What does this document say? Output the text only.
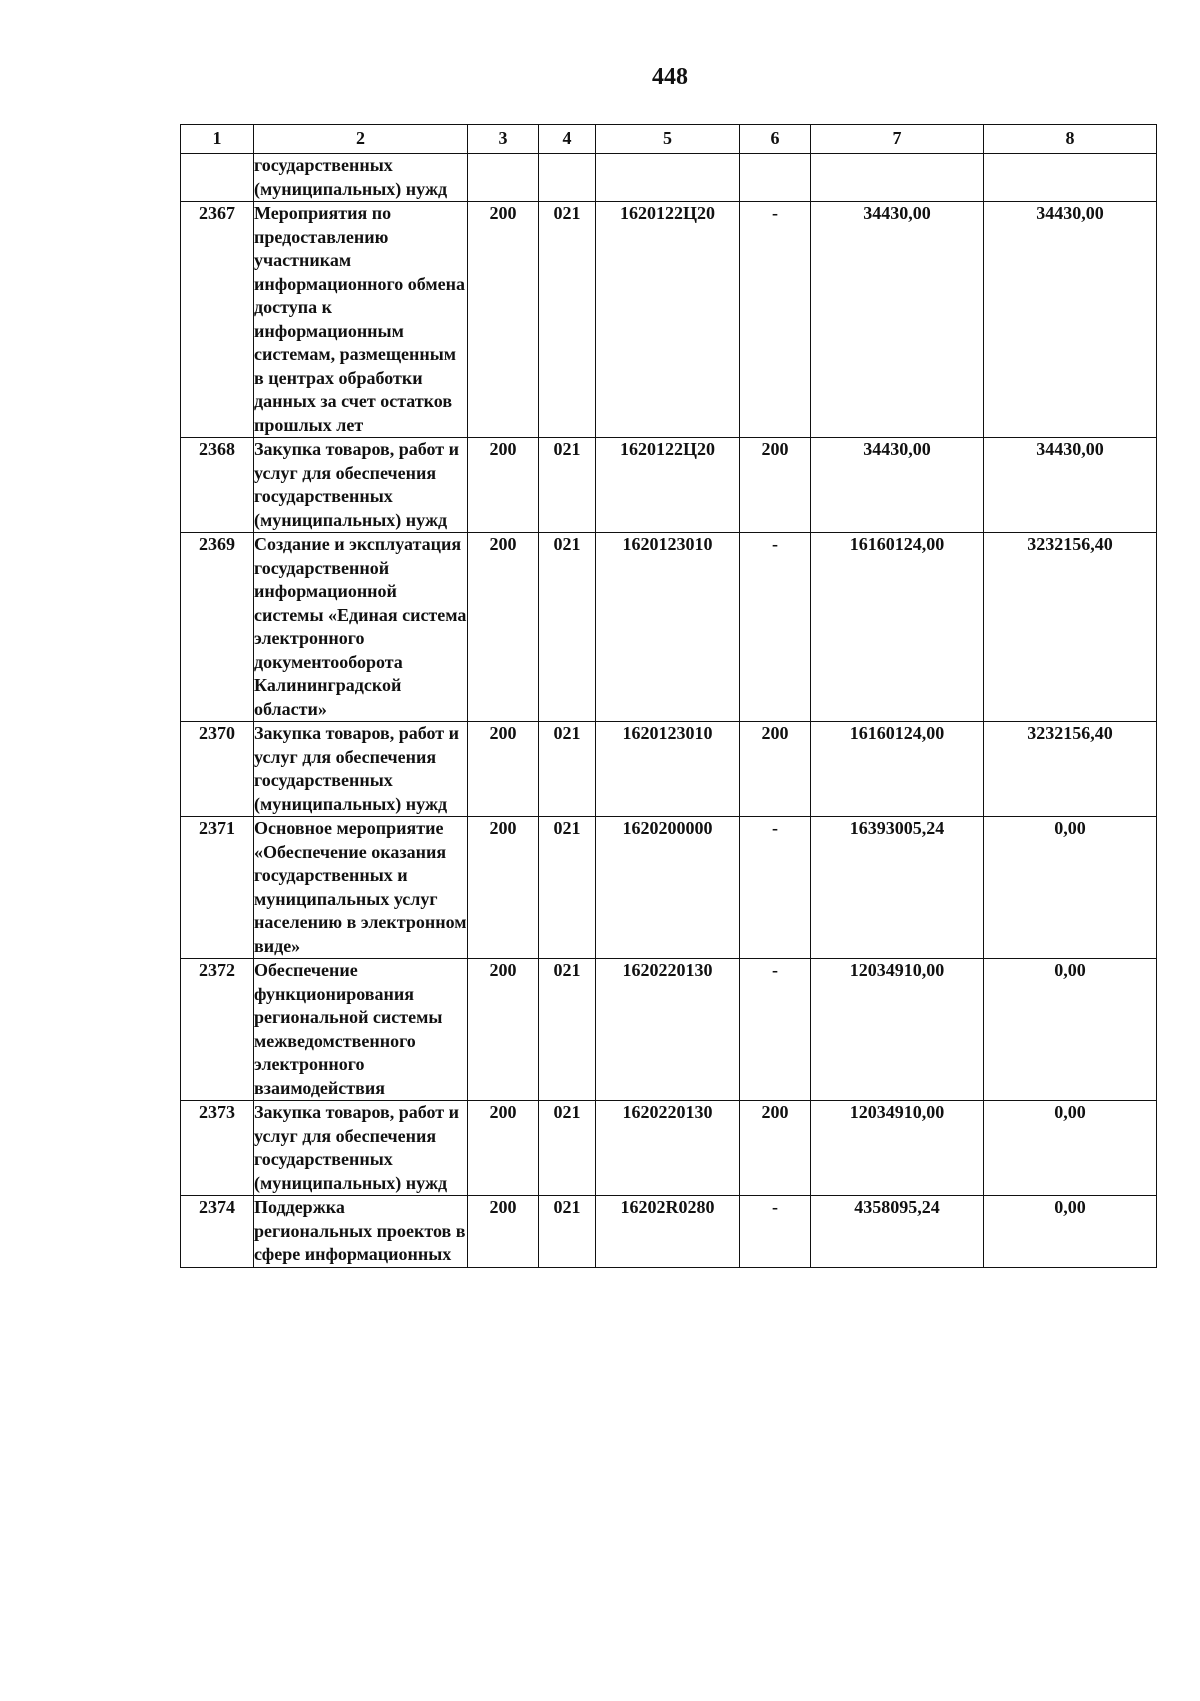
448
1	2	3	4	5	6	7	8
	государственных (муниципальных) нужд						
2367	Мероприятия по предоставлению участникам информационного обмена доступа к информационным системам, размещенным в центрах обработки данных за счет остатков прошлых лет	200	021	1620122Ц20	-	34430,00	34430,00
2368	Закупка товаров, работ и услуг для обеспечения государственных (муниципальных) нужд	200	021	1620122Ц20	200	34430,00	34430,00
2369	Создание и эксплуатация государственной информационной системы «Единая система электронного документооборота Калининградской области»	200	021	1620123010	-	16160124,00	3232156,40
2370	Закупка товаров, работ и услуг для обеспечения государственных (муниципальных) нужд	200	021	1620123010	200	16160124,00	3232156,40
2371	Основное мероприятие «Обеспечение оказания государственных и муниципальных услуг населению в электронном виде»	200	021	1620200000	-	16393005,24	0,00
2372	Обеспечение функционирования региональной системы межведомственного электронного взаимодействия	200	021	1620220130	-	12034910,00	0,00
2373	Закупка товаров, работ и услуг для обеспечения государственных (муниципальных) нужд	200	021	1620220130	200	12034910,00	0,00
2374	Поддержка региональных проектов в сфере информационных	200	021	16202R0280	-	4358095,24	0,00
